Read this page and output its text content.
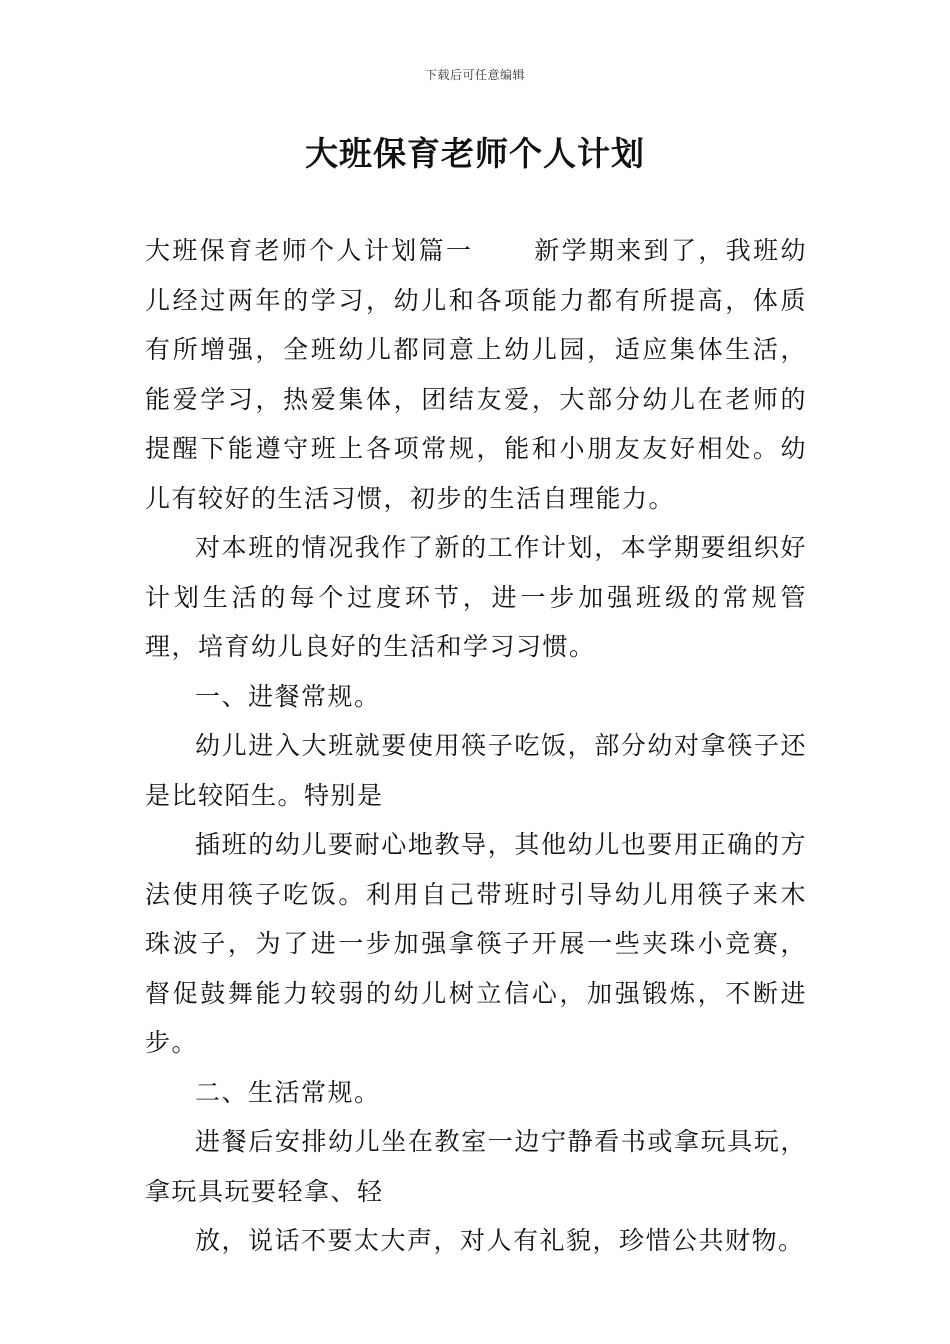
下载后可任意编辑
大班保育老师个人计划

大班保育老师个人计划篇一 新学期来到了，我班幼儿经过两年的学习，幼儿和各项能力都有所提高，体质有所增强，全班幼儿都同意上幼儿园，适应集体生活，能爱学习，热爱集体，团结友爱，大部分幼儿在老师的提醒下能遵守班上各项常规，能和小朋友友好相处。幼儿有较好的生活习惯，初步的生活自理能力。

对本班的情况我作了新的工作计划，本学期要组织好计划生活的每个过度环节，进一步加强班级的常规管理，培育幼儿良好的生活和学习习惯。

一、进餐常规。

幼儿进入大班就要使用筷子吃饭，部分幼对拿筷子还是比较陌生。特别是

插班的幼儿要耐心地教导，其他幼儿也要用正确的方法使用筷子吃饭。利用自己带班时引导幼儿用筷子来木珠波子，为了进一步加强拿筷子开展一些夹珠小竞赛，督促鼓舞能力较弱的幼儿树立信心，加强锻炼，不断进步。

二、生活常规。

进餐后安排幼儿坐在教室一边宁静看书或拿玩具玩，拿玩具玩要轻拿、轻

放，说话不要太大声，对人有礼貌，珍惜公共财物。
